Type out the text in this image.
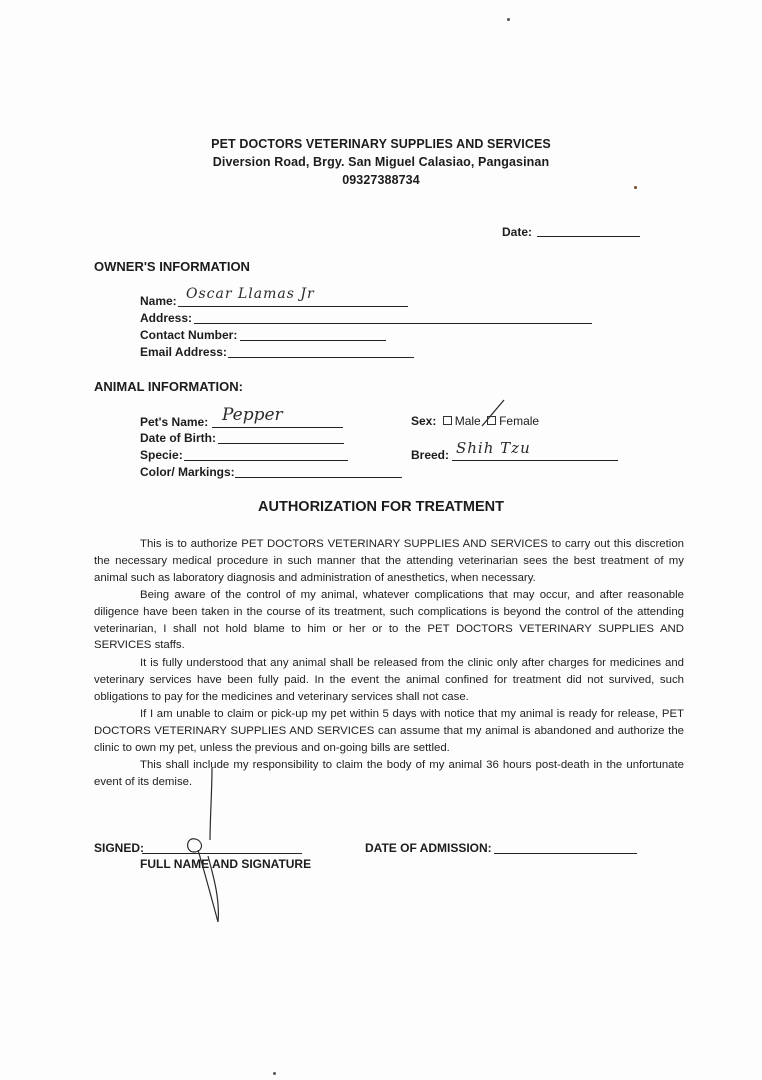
PET DOCTORS VETERINARY SUPPLIES AND SERVICES
Diversion Road, Brgy. San Miguel Calasiao, Pangasinan
09327388734
Date:
OWNER'S INFORMATION
Name: Oscar Llamas Jr
Address:
Contact Number:
Email Address:
ANIMAL INFORMATION:
Pet's Name: Pepper
Date of Birth:
Specie:
Color/ Markings:
Sex: Male Female
Breed: Shih Tzu
AUTHORIZATION FOR TREATMENT
This is to authorize PET DOCTORS VETERINARY SUPPLIES AND SERVICES to carry out this discretion the necessary medical procedure in such manner that the attending veterinarian sees the best treatment of my animal such as laboratory diagnosis and administration of anesthetics, when necessary.
Being aware of the control of my animal, whatever complications that may occur, and after reasonable diligence have been taken in the course of its treatment, such complications is beyond the control of the attending veterinarian, I shall not hold blame to him or her or to the PET DOCTORS VETERINARY SUPPLIES AND SERVICES staffs.
It is fully understood that any animal shall be released from the clinic only after charges for medicines and veterinary services have been fully paid. In the event the animal confined for treatment did not survived, such obligations to pay for the medicines and veterinary services shall not case.
If I am unable to claim or pick-up my pet within 5 days with notice that my animal is ready for release, PET DOCTORS VETERINARY SUPPLIES AND SERVICES can assume that my animal is abandoned and authorize the clinic to own my pet, unless the previous and on-going bills are settled.
This shall include my responsibility to claim the body of my animal 36 hours post-death in the unfortunate event of its demise.
SIGNED:
FULL NAME AND SIGNATURE
DATE OF ADMISSION:
